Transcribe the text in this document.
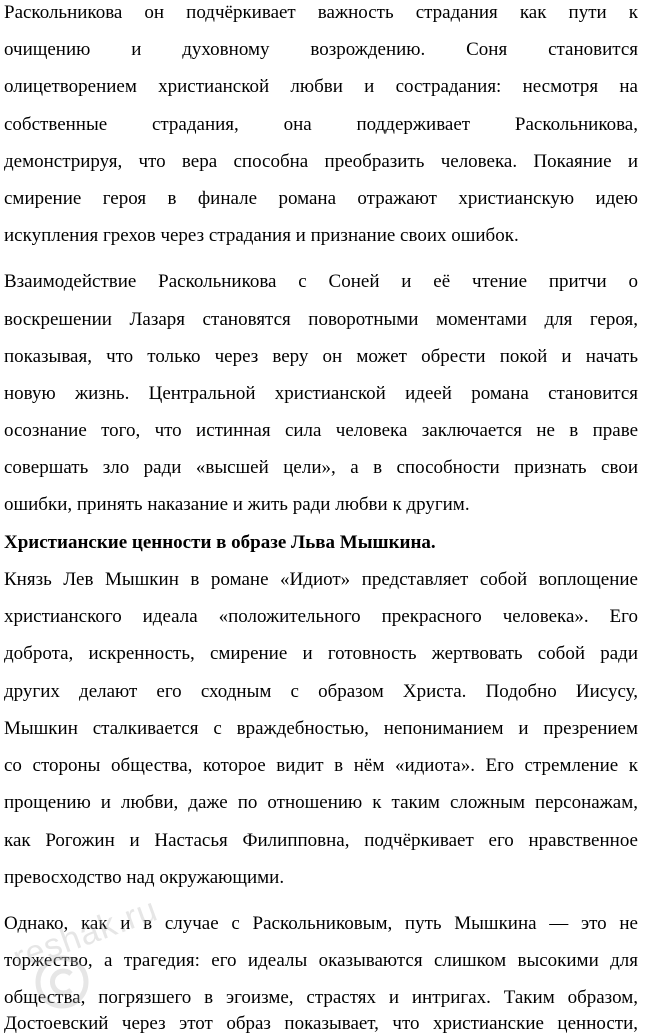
Раскольникова он подчёркивает важность страдания как пути к
очищению и духовному возрождению. Соня становится
олицетворением христианской любви и сострадания: несмотря на
собственные страдания, она поддерживает Раскольникова,
демонстрируя, что вера способна преобразить человека. Покаяние и
смирение героя в финале романа отражают христианскую идею
искупления грехов через страдания и признание своих ошибок.
Взаимодействие Раскольникова с Соней и её чтение притчи о
воскрешении Лазаря становятся поворотными моментами для героя,
показывая, что только через веру он может обрести покой и начать
новую жизнь. Центральной христианской идеей романа становится
осознание того, что истинная сила человека заключается не в праве
совершать зло ради «высшей цели», а в способности признать свои
ошибки, принять наказание и жить ради любви к другим.
Христианские ценности в образе Льва Мышкина.
Князь Лев Мышкин в романе «Идиот» представляет собой воплощение
христианского идеала «положительного прекрасного человека». Его
доброта, искренность, смирение и готовность жертвовать собой ради
других делают его сходным с образом Христа. Подобно Иисусу,
Мышкин сталкивается с враждебностью, непониманием и презрением
со стороны общества, которое видит в нём «идиота». Его стремление к
прощению и любви, даже по отношению к таким сложным персонажам,
как Рогожин и Настасья Филипповна, подчёркивает его нравственное
превосходство над окружающими.
Однако, как и в случае с Раскольниковым, путь Мышкина — это не
торжество, а трагедия: его идеалы оказываются слишком высокими для
общества, погрязшего в эгоизме, страстях и интригах. Таким образом,
Достоевский через этот образ показывает, что христианские ценности,
reshak.ru
